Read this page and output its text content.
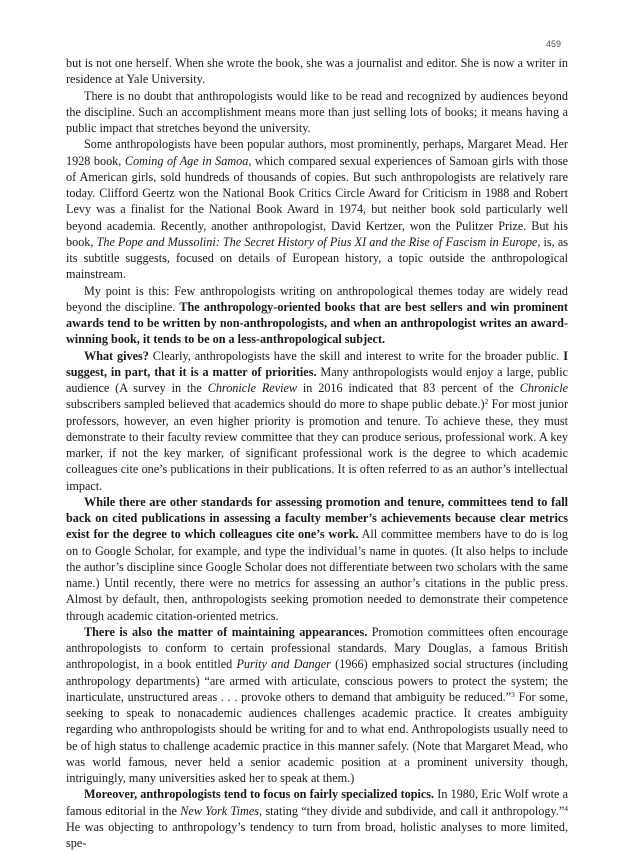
459

but is not one herself. When she wrote the book, she was a journalist and editor. She is now a writer in residence at Yale University.

There is no doubt that anthropologists would like to be read and recognized by audiences beyond the discipline. Such an accomplishment means more than just selling lots of books; it means having a public impact that stretches beyond the university.

Some anthropologists have been popular authors, most prominently, perhaps, Margaret Mead. Her 1928 book, Coming of Age in Samoa, which compared sexual experiences of Samoan girls with those of American girls, sold hundreds of thousands of copies. But such anthropologists are relatively rare today. Clifford Geertz won the National Book Critics Circle Award for Criticism in 1988 and Robert Levy was a finalist for the National Book Award in 1974, but neither book sold particularly well beyond academia. Recently, another anthropologist, David Kertzer, won the Pulitzer Prize. But his book, The Pope and Mussolini: The Secret History of Pius XI and the Rise of Fascism in Europe, is, as its subtitle suggests, focused on details of European history, a topic outside the anthropological mainstream.

My point is this: Few anthropologists writing on anthropological themes today are widely read beyond the discipline. The anthropology-oriented books that are best sellers and win prominent awards tend to be written by non-anthropologists, and when an anthropologist writes an award-winning book, it tends to be on a less-anthropological subject.

What gives? Clearly, anthropologists have the skill and interest to write for the broader public. I suggest, in part, that it is a matter of priorities. Many anthropologists would enjoy a large, public audience (A survey in the Chronicle Review in 2016 indicated that 83 percent of the Chronicle subscribers sampled believed that academics should do more to shape public debate.)$^2$ For most junior professors, however, an even higher priority is promotion and tenure. To achieve these, they must demonstrate to their faculty review committee that they can produce serious, professional work. A key marker, if not the key marker, of significant professional work is the degree to which academic colleagues cite one’s publications in their publications. It is often referred to as an author’s intellectual impact.

While there are other standards for assessing promotion and tenure, committees tend to fall back on cited publications in assessing a faculty member’s achievements because clear metrics exist for the degree to which colleagues cite one’s work. All committee members have to do is log on to Google Scholar, for example, and type the individual’s name in quotes. (It also helps to include the author’s discipline since Google Scholar does not differentiate between two scholars with the same name.) Until recently, there were no metrics for assessing an author’s citations in the public press. Almost by default, then, anthropologists seeking promotion needed to demonstrate their competence through academic citation-oriented metrics.

There is also the matter of maintaining appearances. Promotion committees often encourage anthropologists to conform to certain professional standards. Mary Douglas, a famous British anthropologist, in a book entitled Purity and Danger (1966) emphasized social structures (including anthropology departments) “are armed with articulate, conscious powers to protect the system; the inarticulate, unstructured areas . . . provoke others to demand that ambiguity be reduced.”$^3$ For some, seeking to speak to nonacademic audiences challenges academic practice. It creates ambiguity regarding who anthropologists should be writing for and to what end. Anthropologists usually need to be of high status to challenge academic practice in this manner safely. (Note that Margaret Mead, who was world famous, never held a senior academic position at a prominent university though, intriguingly, many universities asked her to speak at them.)

Moreover, anthropologists tend to focus on fairly specialized topics. In 1980, Eric Wolf wrote a famous editorial in the New York Times, stating “they divide and subdivide, and call it anthropology.”$^4$ He was objecting to anthropology’s tendency to turn from broad, holistic analyses to more limited, spe-
